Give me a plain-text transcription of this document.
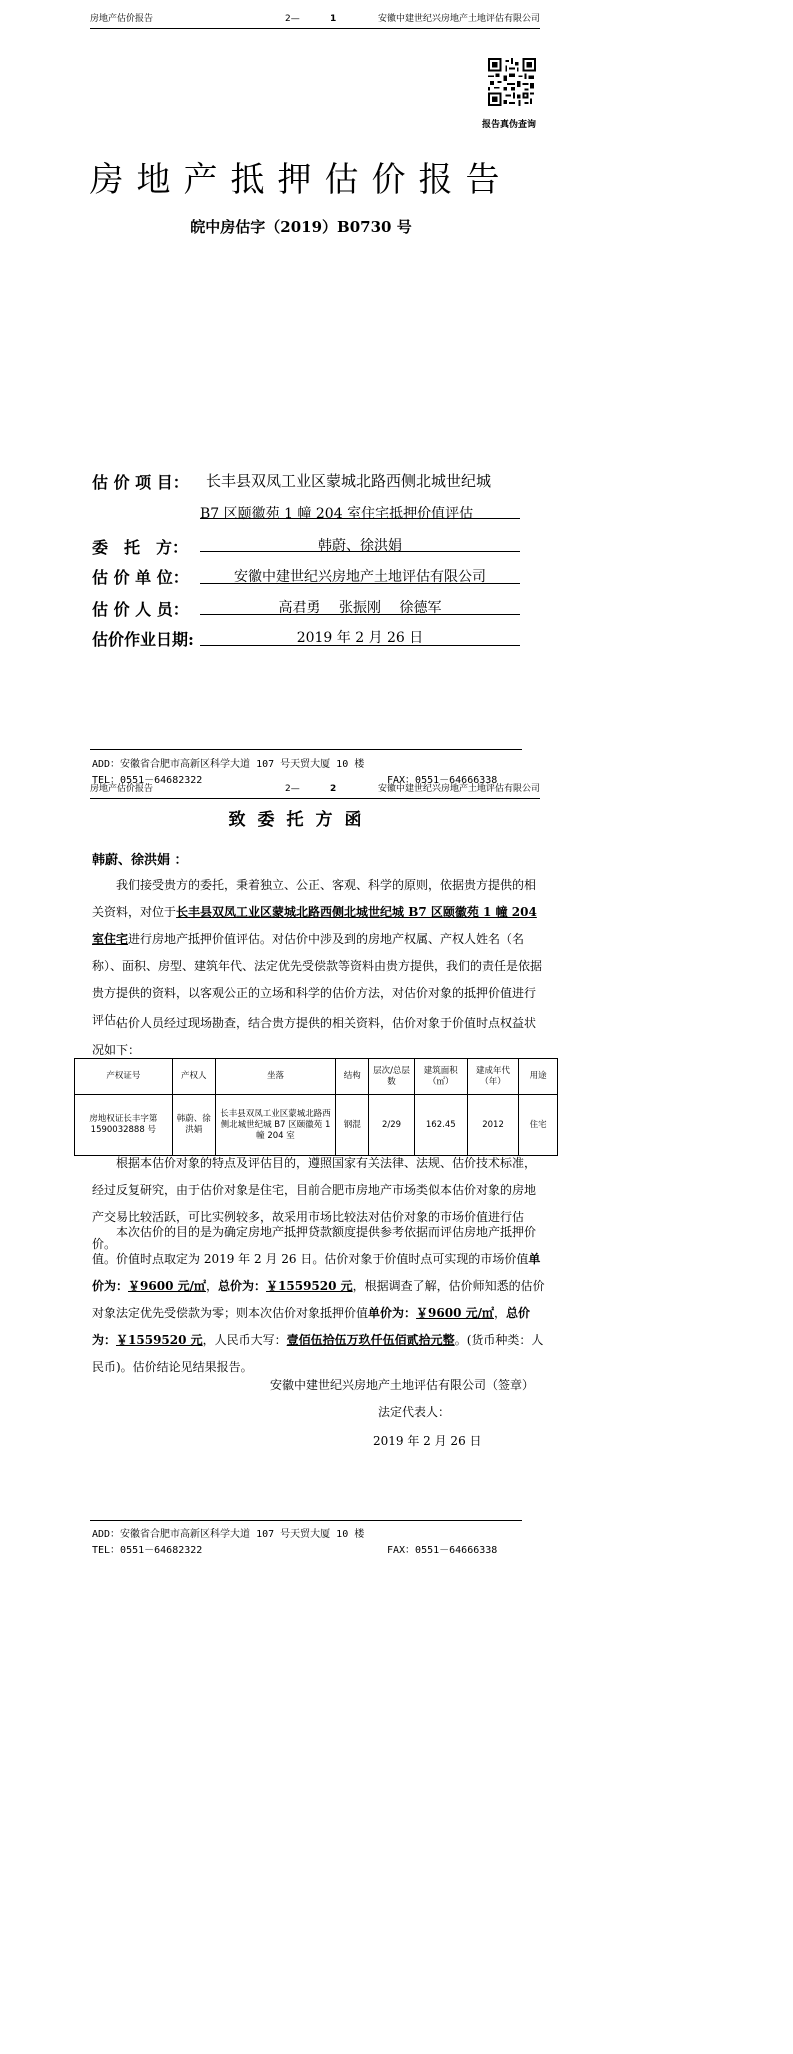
房地产估价报告	2—	1	安徽中建世纪兴房地产土地评估有限公司
报告真伪查询
房地产抵押估价报告
皖中房估字（2019）B0730 号
估 价 项 目： 长丰县双凤工业区蒙城北路西侧北城世纪城
B7 区颐徽苑 1 幢 204 室住宅抵押价值评估
委　托　方：	韩蔚、徐洪娟
估 价 单 位：	安徽中建世纪兴房地产土地评估有限公司
估 价 人 员：	高君勇　 张振刚　 徐德军
估价作业日期:	2019 年 2 月 26 日
ADD：安徽省合肥市高新区科学大道 107 号天贸大厦 10 楼
TEL：0551－64682322	FAX：0551－64666338
房地产估价报告	2—	2	安徽中建世纪兴房地产土地评估有限公司
致委托方函
韩蔚、徐洪娟 ：
我们接受贵方的委托，秉着独立、公正、客观、科学的原则，依据贵方提供的相关资料，对位于长丰县双凤工业区蒙城北路西侧北城世纪城 B7 区颐徽苑 1 幢 204 室住宅进行房地产抵押价值评估。对估价中涉及到的房地产权属、产权人姓名（名称）、面积、房型、建筑年代、法定优先受偿款等资料由贵方提供，我们的责任是依据贵方提供的资料，以客观公正的立场和科学的估价方法，对估价对象的抵押价值进行评估。
估价人员经过现场勘查，结合贵方提供的相关资料，估价对象于价值时点权益状况如下：
产权证号	产权人	坐落	结构	层次/总层数	建筑面积（㎡）	建成年代（年）	用途
房地权证长丰字第 1590032888 号	韩蔚、徐洪娟	长丰县双凤工业区蒙城北路西侧北城世纪城 B7 区颐徽苑 1 幢 204 室	钢混	2/29	162.45	2012	住宅
根据本估价对象的特点及评估目的，遵照国家有关法律、法规、估价技术标准，经过反复研究，由于估价对象是住宅，目前合肥市房地产市场类似本估价对象的房地产交易比较活跃，可比实例较多，故采用市场比较法对估价对象的市场价值进行估价。
本次估价的目的是为确定房地产抵押贷款额度提供参考依据而评估房地产抵押价值。价值时点取定为 2019 年 2 月 26 日。估价对象于价值时点可实现的市场价值单价为：￥9600 元/㎡，总价为：￥1559520 元，根据调查了解，估价师知悉的估价对象法定优先受偿款为零；则本次估价对象抵押价值单价为：￥9600 元/㎡，总价为：￥1559520 元，人民币大写：壹佰伍拾伍万玖仟伍佰贰拾元整。(货币种类：人民币)。估价结论见结果报告。
安徽中建世纪兴房地产土地评估有限公司（签章）
法定代表人：
2019 年 2 月 26 日
ADD：安徽省合肥市高新区科学大道 107 号天贸大厦 10 楼
TEL：0551－64682322	FAX：0551－64666338
